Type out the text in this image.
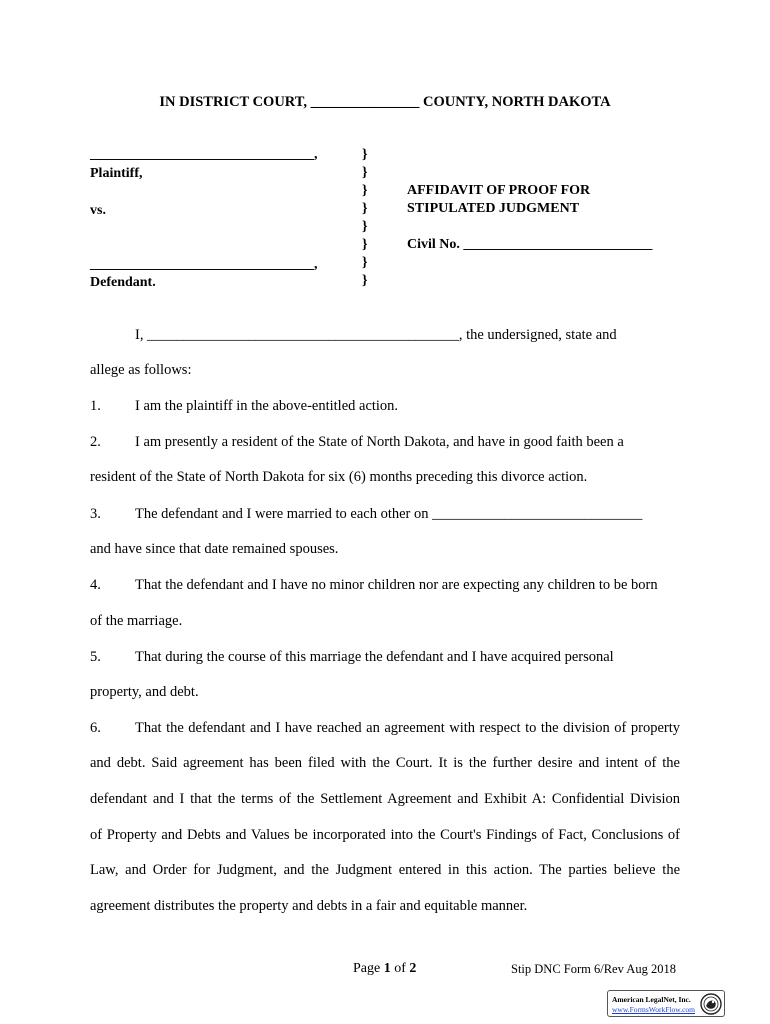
IN DISTRICT COURT, _______________ COUNTY, NORTH DAKOTA
________________________________,
Plaintiff,
vs.
________________________________,
Defendant.
}
}
}
}
}
}
}
}
AFFIDAVIT OF PROOF FOR
STIPULATED JUDGMENT
Civil No. ___________________________
I, ___________________________________________, the undersigned, state and
allege as follows:
1. I am the plaintiff in the above-entitled action.
2. I am presently a resident of the State of North Dakota, and have in good faith been a
resident of the State of North Dakota for six (6) months preceding this divorce action.
3. The defendant and I were married to each other on _____________________________
and have since that date remained spouses.
4. That the defendant and I have no minor children nor are expecting any children to be born
of the marriage.
5. That during the course of this marriage the defendant and I have acquired personal
property, and debt.
6. That the defendant and I have reached an agreement with respect to the division of property
and debt. Said agreement has been filed with the Court. It is the further desire and intent of the
defendant and I that the terms of the Settlement Agreement and Exhibit A: Confidential Division
of Property and Debts and Values be incorporated into the Court's Findings of Fact, Conclusions of
Law, and Order for Judgment, and the Judgment entered in this action. The parties believe the
agreement distributes the property and debts in a fair and equitable manner.
Page 1 of 2	Stip DNC Form 6/Rev Aug 2018
American LegalNet, Inc.
www.FormsWorkFlow.com
